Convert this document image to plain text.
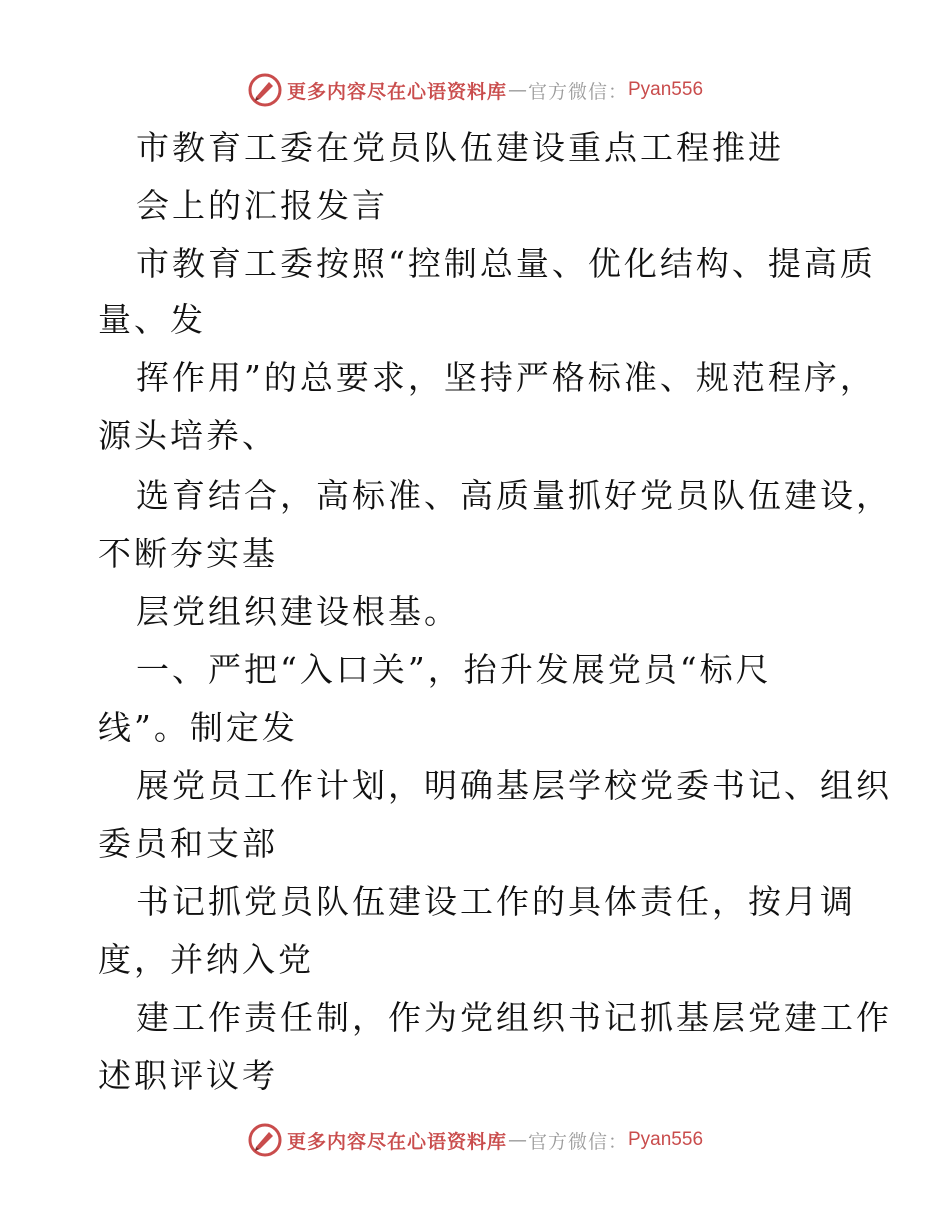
更多内容尽在心语资料库 — 官方微信： Pyan556
市教育工委在党员队伍建设重点工程推进
会上的汇报发言
市教育工委按照“控制总量、优化结构、提高质
量、发
挥作用”的总要求，坚持严格标准、规范程序，
源头培养、
选育结合，高标准、高质量抓好党员队伍建设，
不断夯实基
层党组织建设根基。
一、严把“入口关”，抬升发展党员“标尺
线”。制定发
展党员工作计划，明确基层学校党委书记、组织
委员和支部
书记抓党员队伍建设工作的具体责任，按月调
度，并纳入党
建工作责任制，作为党组织书记抓基层党建工作
述职评议考
更多内容尽在心语资料库 — 官方微信： Pyan556
